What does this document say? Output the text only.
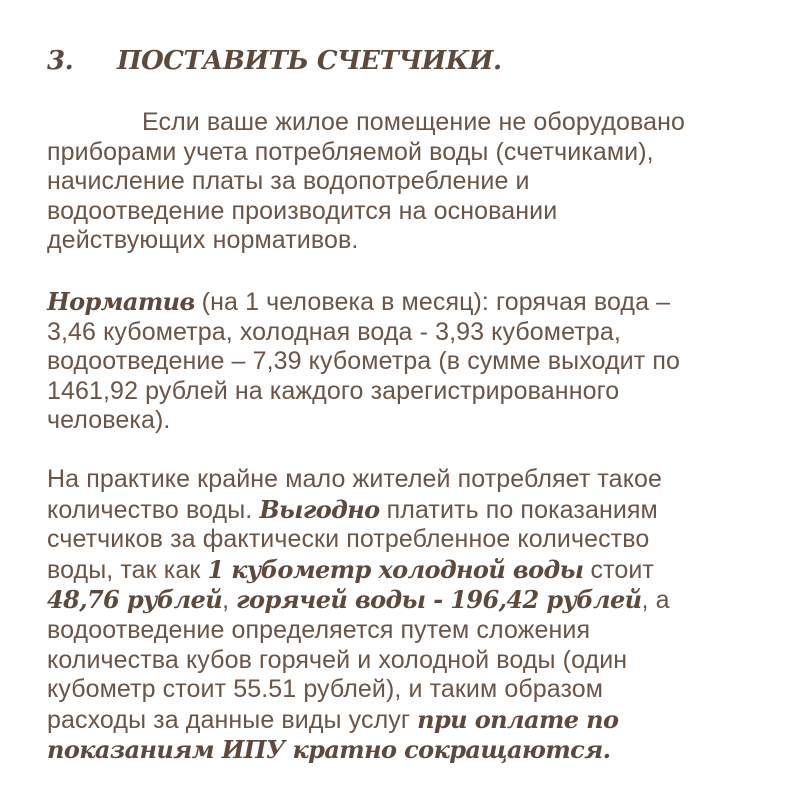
3. ПОСТАВИТЬ СЧЕТЧИКИ.

Если ваше жилое помещение не оборудовано
приборами учета потребляемой воды (счетчиками),
начисление платы за водопотребление и
водоотведение производится на основании
действующих нормативов.

Норматив (на 1 человека в месяц): горячая вода –
3,46 кубометра, холодная вода - 3,93 кубометра,
водоотведение – 7,39 кубометра (в сумме выходит по
1461,92 рублей на каждого зарегистрированного
человека).

На практике крайне мало жителей потребляет такое
количество воды. Выгодно платить по показаниям
счетчиков за фактически потребленное количество
воды, так как 1 кубометр холодной воды стоит
48,76 рублей, горячей воды - 196,42 рублей, а
водоотведение определяется путем сложения
количества кубов горячей и холодной воды (один
кубометр стоит 55.51 рублей), и таким образом
расходы за данные виды услуг при оплате по
показаниям ИПУ кратно сокращаются.
